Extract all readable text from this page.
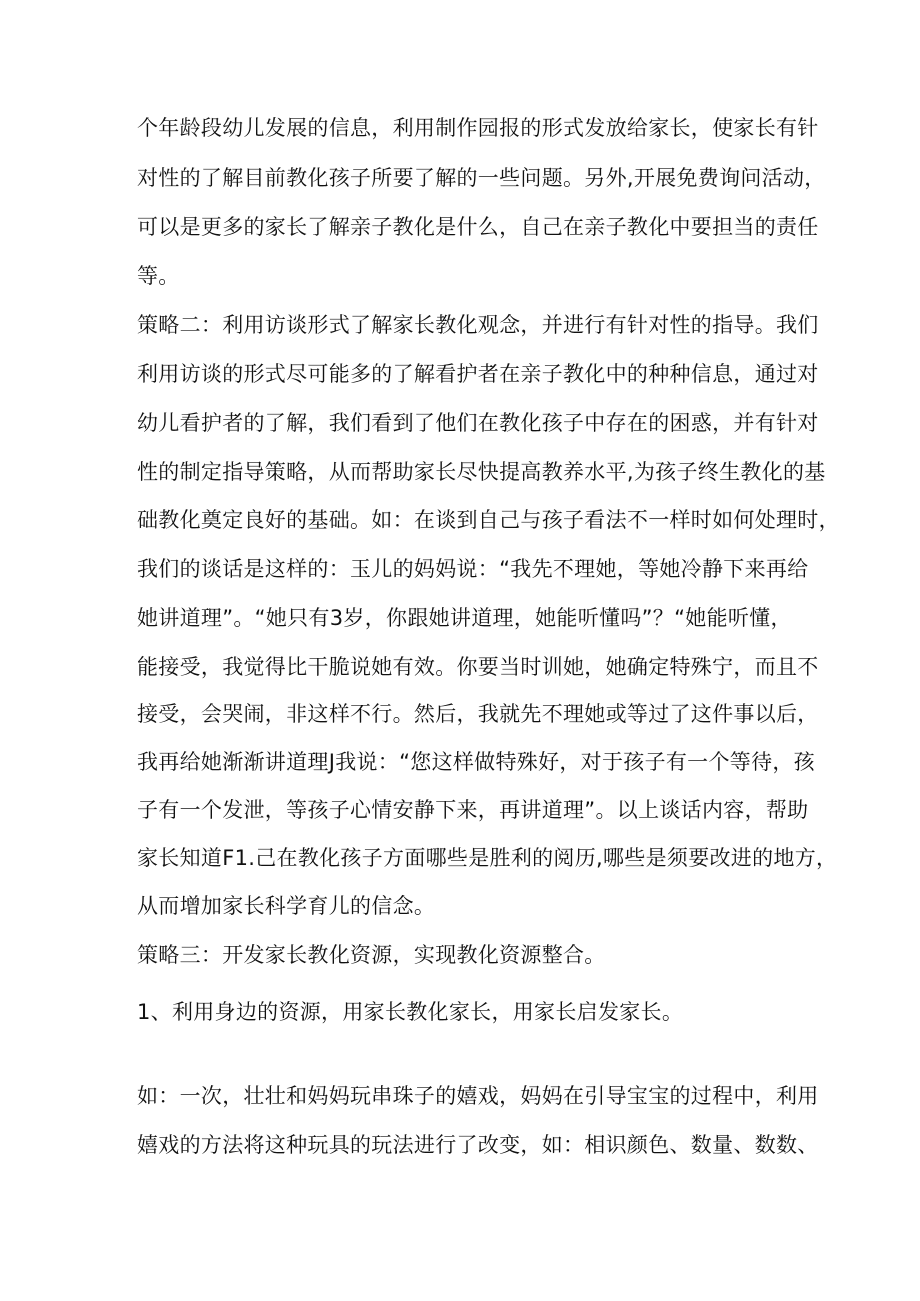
个年龄段幼儿发展的信息，利用制作园报的形式发放给家长，使家长有针
对性的了解目前教化孩子所要了解的一些问题。另外,开展免费询问活动，
可以是更多的家长了解亲子教化是什么，自己在亲子教化中要担当的责任
等。
策略二：利用访谈形式了解家长教化观念，并进行有针对性的指导。我们
利用访谈的形式尽可能多的了解看护者在亲子教化中的种种信息，通过对
幼儿看护者的了解，我们看到了他们在教化孩子中存在的困惑，并有针对
性的制定指导策略，从而帮助家长尽快提高教养水平,为孩子终生教化的基
础教化奠定良好的基础。如：在谈到自己与孩子看法不一样时如何处理时，
我们的谈话是这样的：玉儿的妈妈说：“我先不理她，等她冷静下来再给
她讲道理”。“她只有3岁，你跟她讲道理，她能听懂吗”？“她能听懂，
能接受，我觉得比干脆说她有效。你要当时训她，她确定特殊宁，而且不
接受，会哭闹，非这样不行。然后，我就先不理她或等过了这件事以后，
我再给她渐渐讲道理J我说：“您这样做特殊好，对于孩子有一个等待，孩
子有一个发泄，等孩子心情安静下来，再讲道理”。以上谈话内容，帮助
家长知道F1.己在教化孩子方面哪些是胜利的阅历,哪些是须要改进的地方，
从而增加家长科学育儿的信念。
策略三：开发家长教化资源，实现教化资源整合。
1、利用身边的资源，用家长教化家长，用家长启发家长。
如：一次，壮壮和妈妈玩串珠子的嬉戏，妈妈在引导宝宝的过程中，利用
嬉戏的方法将这种玩具的玩法进行了改变，如：相识颜色、数量、数数、
